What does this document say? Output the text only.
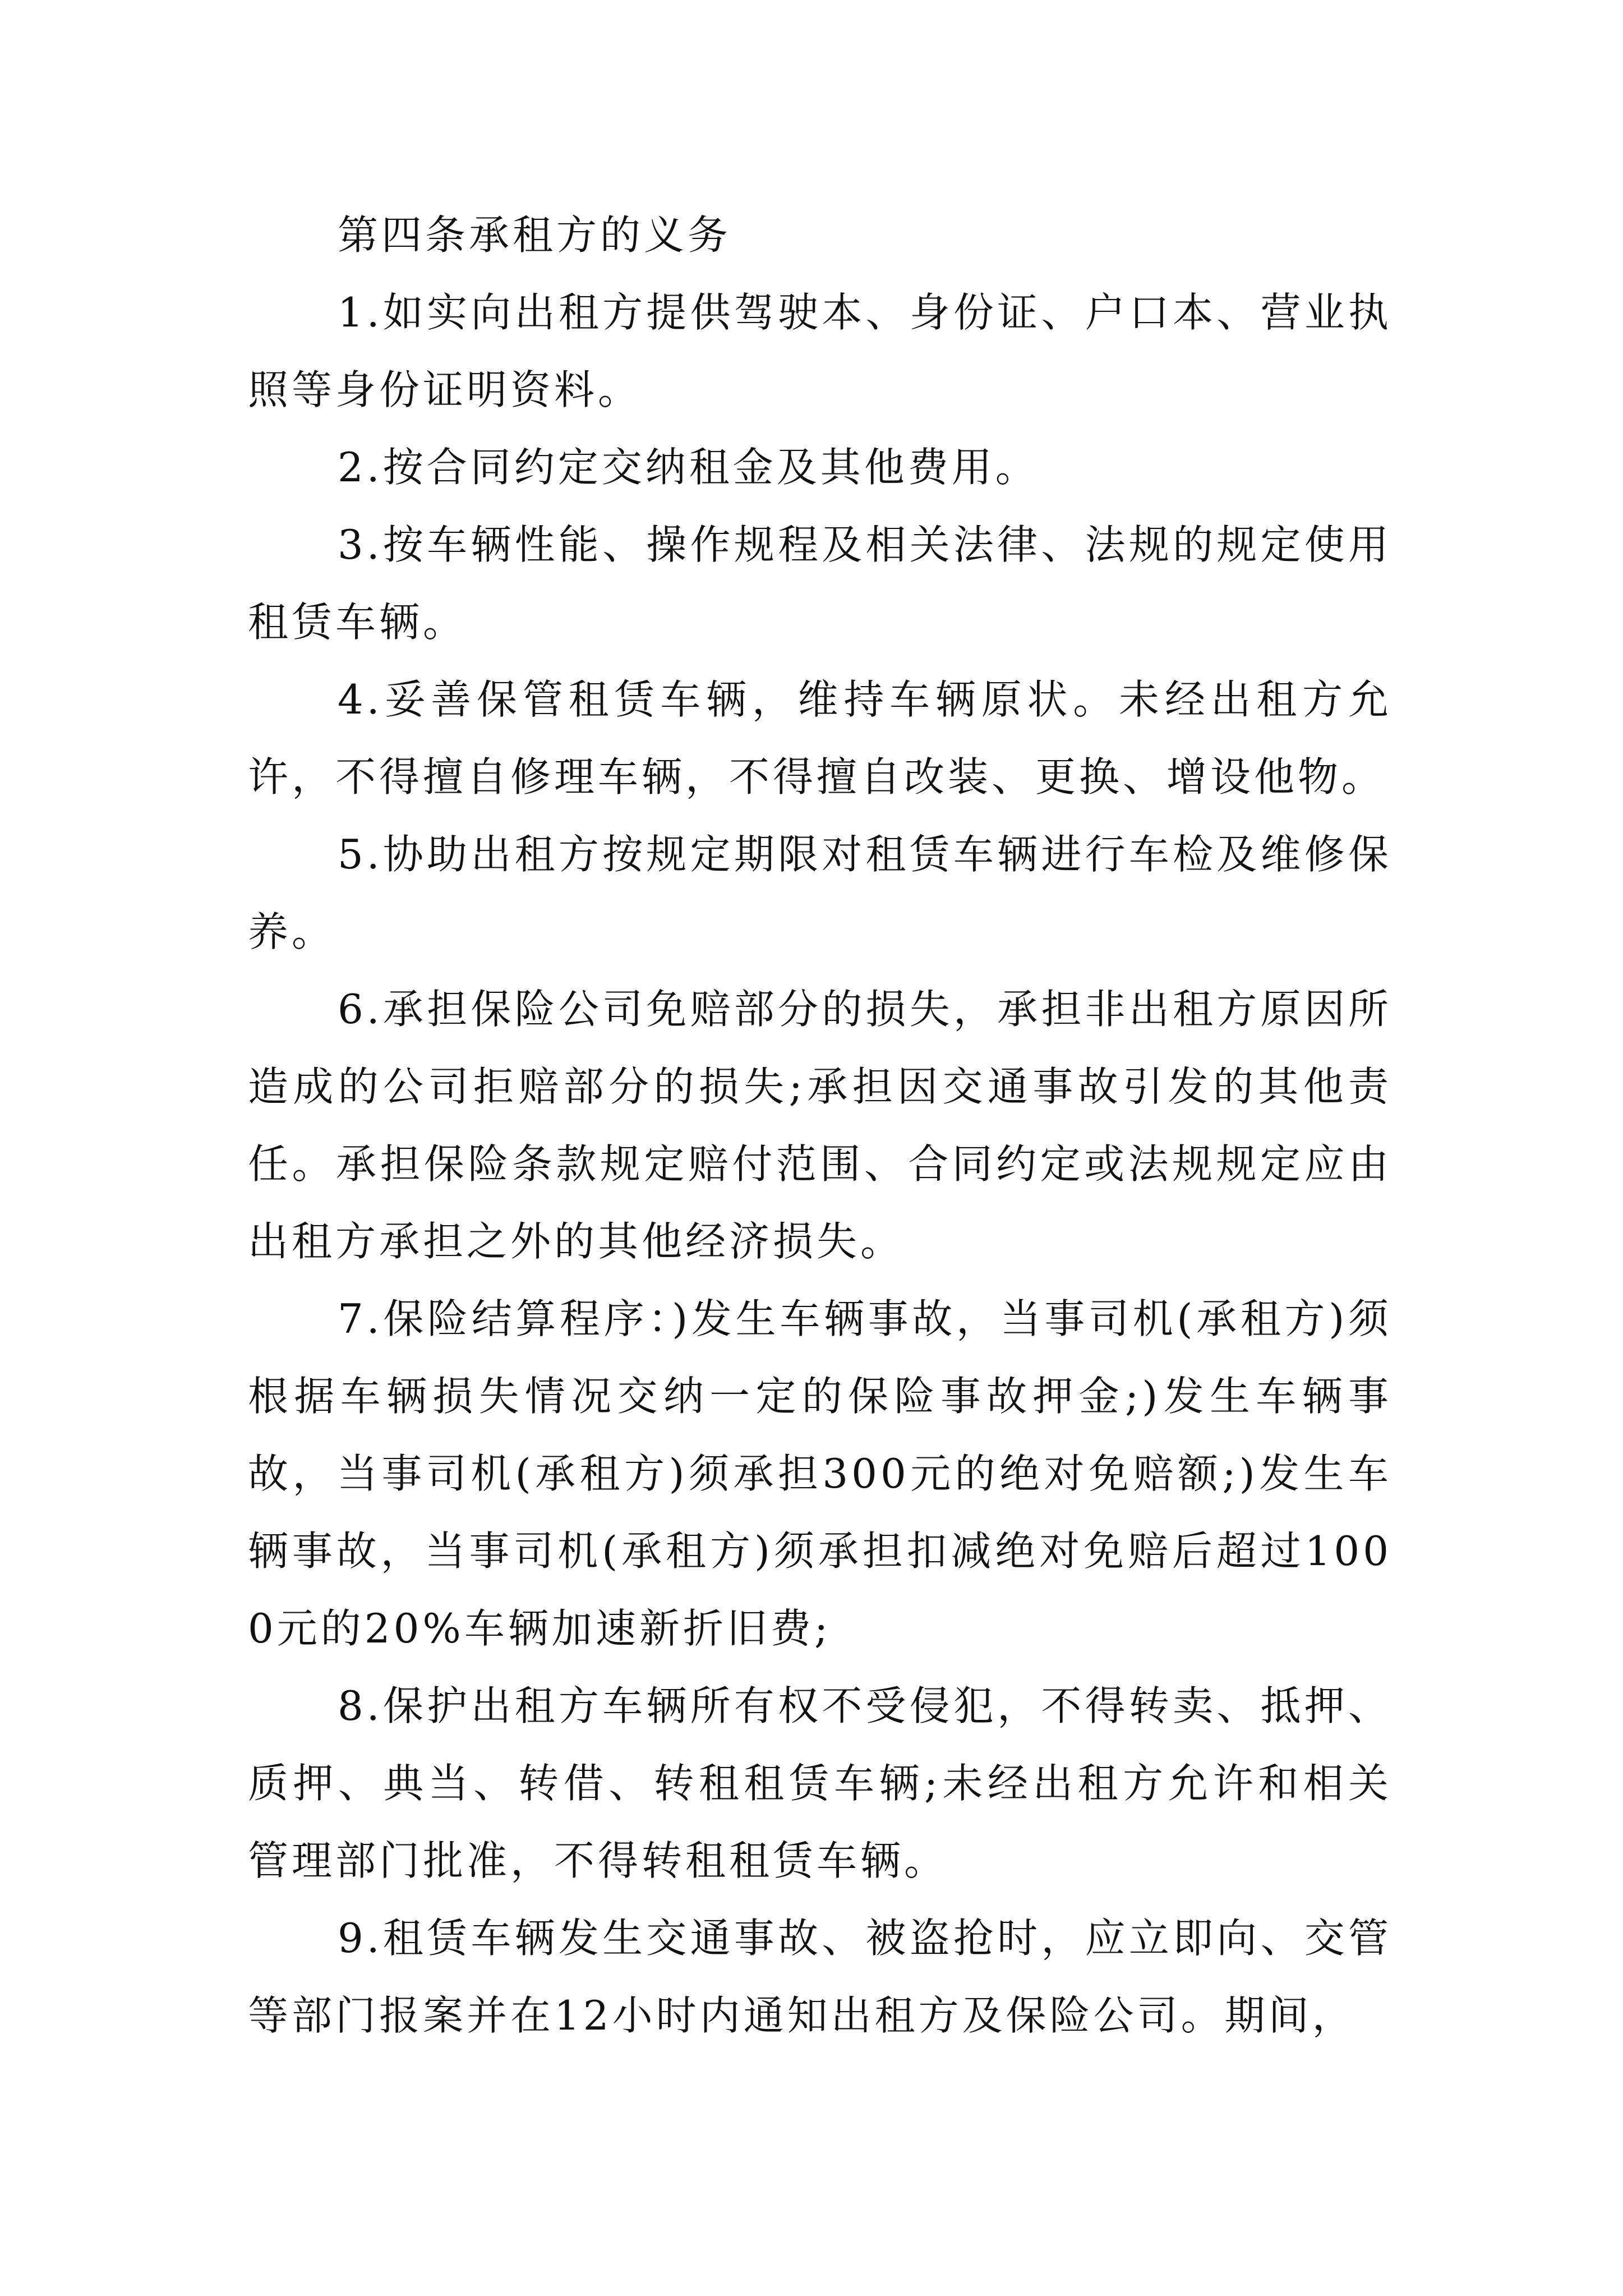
第四条承租方的义务

1.如实向出租方提供驾驶本、身份证、户口本、营业执照等身份证明资料。

2.按合同约定交纳租金及其他费用。

3.按车辆性能、操作规程及相关法律、法规的规定使用租赁车辆。

4.妥善保管租赁车辆，维持车辆原状。未经出租方允许，不得擅自修理车辆，不得擅自改装、更换、增设他物。

5.协助出租方按规定期限对租赁车辆进行车检及维修保养。

6.承担保险公司免赔部分的损失，承担非出租方原因所造成的公司拒赔部分的损失;承担因交通事故引发的其他责任。承担保险条款规定赔付范围、合同约定或法规规定应由出租方承担之外的其他经济损失。

7.保险结算程序：)发生车辆事故，当事司机(承租方)须根据车辆损失情况交纳一定的保险事故押金;)发生车辆事故，当事司机(承租方)须承担300元的绝对免赔额;)发生车辆事故，当事司机(承租方)须承担扣减绝对免赔后超过1000元的20%车辆加速新折旧费;

8.保护出租方车辆所有权不受侵犯，不得转卖、抵押、质押、典当、转借、转租租赁车辆;未经出租方允许和相关管理部门批准，不得转租租赁车辆。

9.租赁车辆发生交通事故、被盗抢时，应立即向、交管等部门报案并在12小时内通知出租方及保险公司。期间，
